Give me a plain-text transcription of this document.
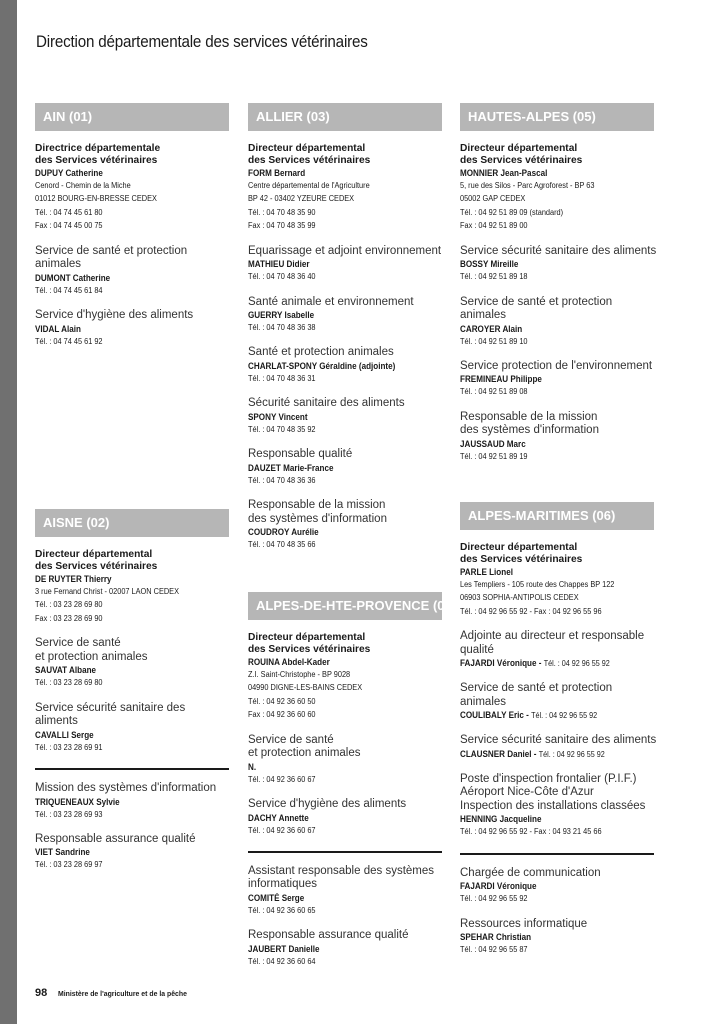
Direction départementale des services vétérinaires
AIN (01)
Directrice départementale
des Services vétérinaires
DUPUY Catherine
Cenord - Chemin de la Miche
01012 BOURG-EN-BRESSE CEDEX
Tél. : 04 74 45 61 80
Fax : 04 74 45 00 75
Service de santé et protection
animales
DUMONT Catherine
Tél. : 04 74 45 61 84
Service d'hygiène des aliments
VIDAL Alain
Tél. : 04 74 45 61 92
AISNE (02)
Directeur départemental
des Services vétérinaires
DE RUYTER Thierry
3 rue Fernand Christ - 02007 LAON CEDEX
Tél. : 03 23 28 69 80
Fax : 03 23 28 69 90
Service de santé
et protection animales
SAUVAT Albane
Tél. : 03 23 28 69 80
Service sécurité sanitaire des aliments
CAVALLI Serge
Tél. : 03 23 28 69 91
Mission des systèmes d'information
TRIQUENEAUX Sylvie
Tél. : 03 23 28 69 93
Responsable assurance qualité
VIET Sandrine
Tél. : 03 23 28 69 97
ALLIER (03)
Directeur départemental
des Services vétérinaires
FORM Bernard
Centre départemental de l'Agriculture
BP 42 - 03402 YZEURE CEDEX
Tél. : 04 70 48 35 90
Fax : 04 70 48 35 99
Equarissage et adjoint environnement
MATHIEU Didier
Tél. : 04 70 48 36 40
Santé animale et environnement
GUERRY Isabelle
Tél. : 04 70 48 36 38
Santé et protection animales
CHARLAT-SPONY Géraldine (adjointe)
Tél. : 04 70 48 36 31
Sécurité sanitaire des aliments
SPONY Vincent
Tél. : 04 70 48 35 92
Responsable qualité
DAUZET Marie-France
Tél. : 04 70 48 36 36
Responsable de la mission
des systèmes d'information
COUDROY Aurélie
Tél. : 04 70 48 35 66
ALPES-DE-HTE-PROVENCE (04)
Directeur départemental
des Services vétérinaires
ROUINA Abdel-Kader
Z.I. Saint-Christophe - BP 9028
04990 DIGNE-LES-BAINS CEDEX
Tél. : 04 92 36 60 50
Fax : 04 92 36 60 60
Service de santé
et protection animales
N.
Tél. : 04 92 36 60 67
Service d'hygiène des aliments
DACHY Annette
Tél. : 04 92 36 60 67
Assistant responsable des systèmes
informatiques
COMITÉ Serge
Tél. : 04 92 36 60 65
Responsable assurance qualité
JAUBERT Danielle
Tél. : 04 92 36 60 64
HAUTES-ALPES (05)
Directeur départemental
des Services vétérinaires
MONNIER Jean-Pascal
5, rue des Silos - Parc Agroforest - BP 63
05002 GAP CEDEX
Tél. : 04 92 51 89 09 (standard)
Fax : 04 92 51 89 00
Service sécurité sanitaire des aliments
BOSSY Mireille
Tél. : 04 92 51 89 18
Service de santé et protection animales
CAROYER Alain
Tél. : 04 92 51 89 10
Service protection de l'environnement
FREMINEAU Philippe
Tél. : 04 92 51 89 08
Responsable de la mission
des systèmes d'information
JAUSSAUD Marc
Tél. : 04 92 51 89 19
ALPES-MARITIMES (06)
Directeur départemental
des Services vétérinaires
PARLE Lionel
Les Templiers - 105 route des Chappes BP 122
06903 SOPHIA-ANTIPOLIS CEDEX
Tél. : 04 92 96 55 92 - Fax : 04 92 96 55 96
Adjointe au directeur et responsable
qualité
FAJARDI Véronique - Tél. : 04 92 96 55 92
Service de santé et protection animales
COULIBALY Eric - Tél. : 04 92 96 55 92
Service sécurité sanitaire des aliments
CLAUSNER Daniel - Tél. : 04 92 96 55 92
Poste d'inspection frontalier (P.I.F.)
Aéroport Nice-Côte d'Azur
Inspection des installations classées
HENNING Jacqueline
Tél. : 04 92 96 55 92 - Fax : 04 93 21 45 66
Chargée de communication
FAJARDI Véronique
Tél. : 04 92 96 55 92
Ressources informatique
SPEHAR Christian
Tél. : 04 92 96 55 87
98 Ministère de l'agriculture et de la pêche
